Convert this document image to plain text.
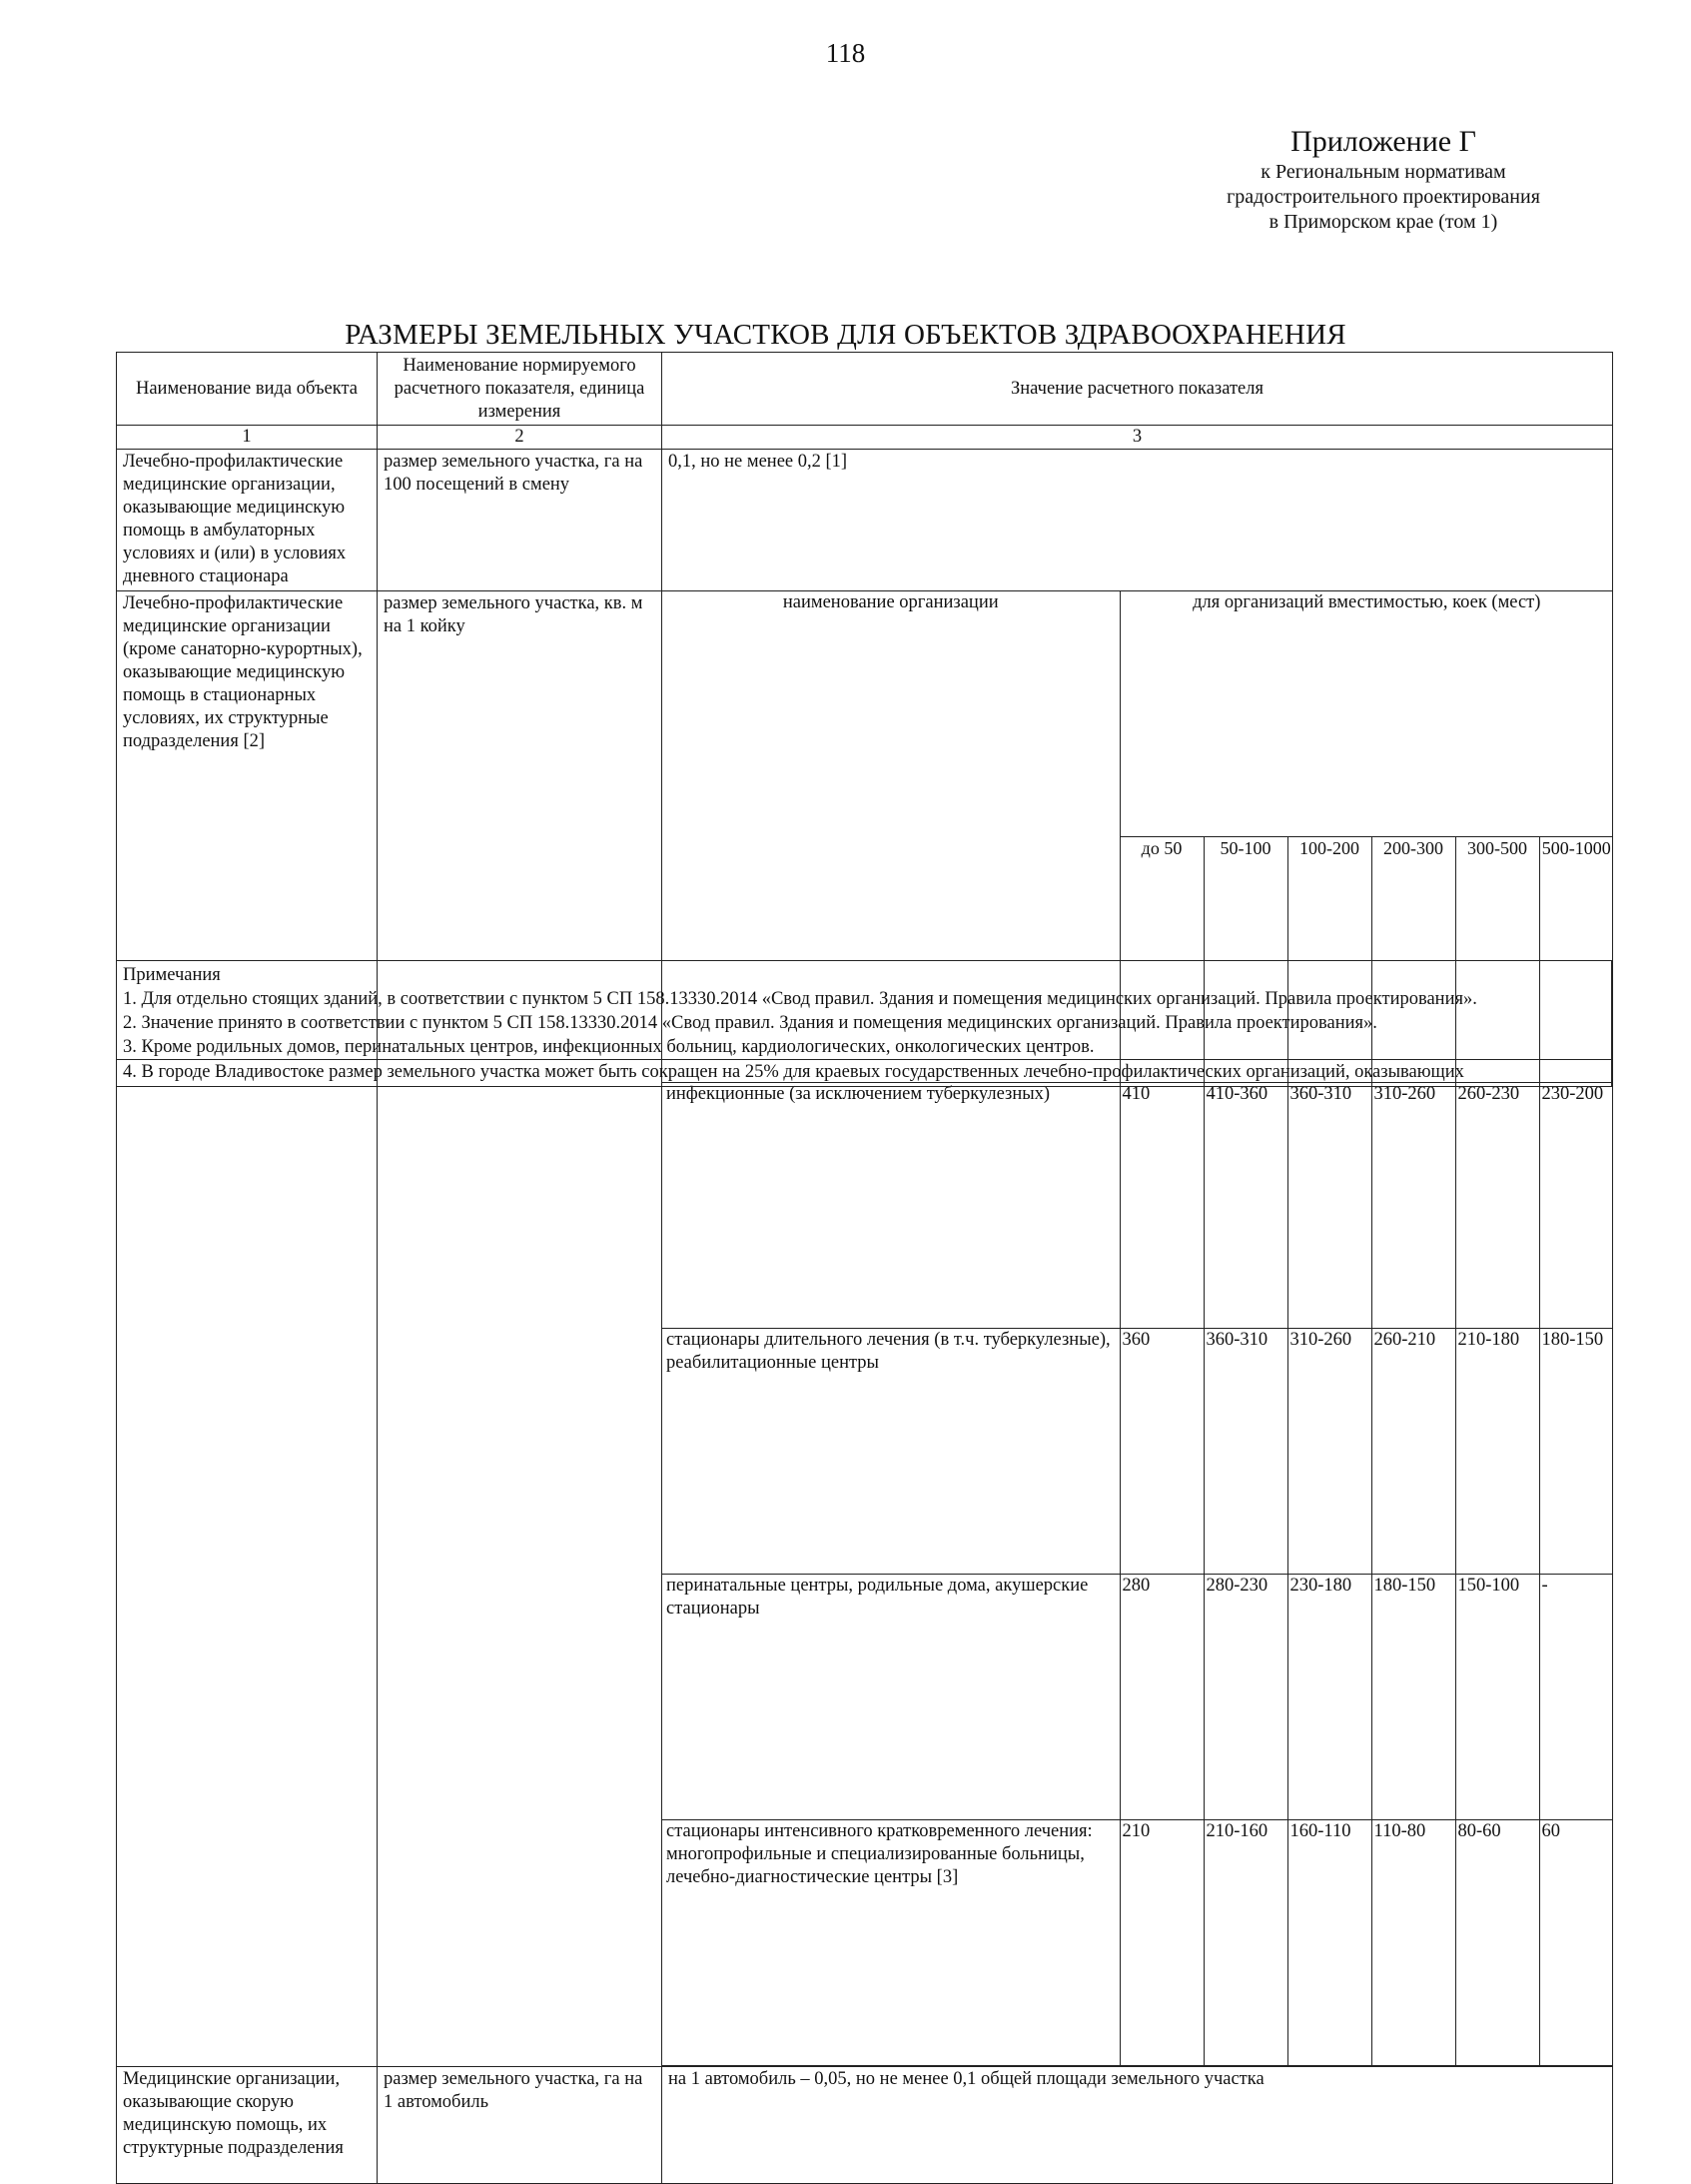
118
Приложение Г
к Региональным нормативам
градостроительного проектирования
в Приморском крае (том 1)
РАЗМЕРЫ ЗЕМЕЛЬНЫХ УЧАСТКОВ ДЛЯ ОБЪЕКТОВ ЗДРАВООХРАНЕНИЯ
Наименование вида объекта	Наименование нормируемого расчетного показателя, единица измерения	Значение расчетного показателя
1	2	3
Лечебно-профилактические медицинские организации, оказывающие медицинскую помощь в амбулаторных условиях и (или) в условиях дневного стационара	размер земельного участка, га на 100 посещений в смену	0,1, но не менее 0,2 [1]
Лечебно-профилактические медицинские организации (кроме санаторно-курортных), оказывающие медицинскую помощь в стационарных условиях, их структурные подразделения [2]	размер земельного участка, кв. м на 1 койку	
наименование организации	для организаций вместимостью, коек (мест)
до 50	50-100	100-200	200-300	300-500	500-1000
инфекционные (за исключением туберкулезных)	410	410-360	360-310	310-260	260-230	230-200
стационары длительного лечения (в т.ч. туберкулезные), реабилитационные центры	360	360-310	310-260	260-210	210-180	180-150
перинатальные центры, родильные дома, акушерские стационары	280	280-230	230-180	180-150	150-100	-
стационары интенсивного кратковременного лечения: многопрофильные и специализированные больницы, лечебно-диагностические центры [3]	210	210-160	160-110	110-80	80-60	60

Медицинские организации, оказывающие скорую медицинскую помощь, их структурные подразделения	размер земельного участка, га на 1 автомобиль	на 1 автомобиль – 0,05, но не менее 0,1 общей площади земельного участка
Примечания
1. Для отдельно стоящих зданий, в соответствии с пунктом 5 СП 158.13330.2014 «Свод правил. Здания и помещения медицинских организаций. Правила проектирования».
2. Значение принято в соответствии с пунктом 5 СП 158.13330.2014 «Свод правил. Здания и помещения медицинских организаций. Правила проектирования».
3. Кроме родильных домов, перинатальных центров, инфекционных больниц, кардиологических, онкологических центров.
4. В городе Владивостоке размер земельного участка может быть сокращен на 25% для краевых государственных лечебно-профилактических организаций, оказывающих
